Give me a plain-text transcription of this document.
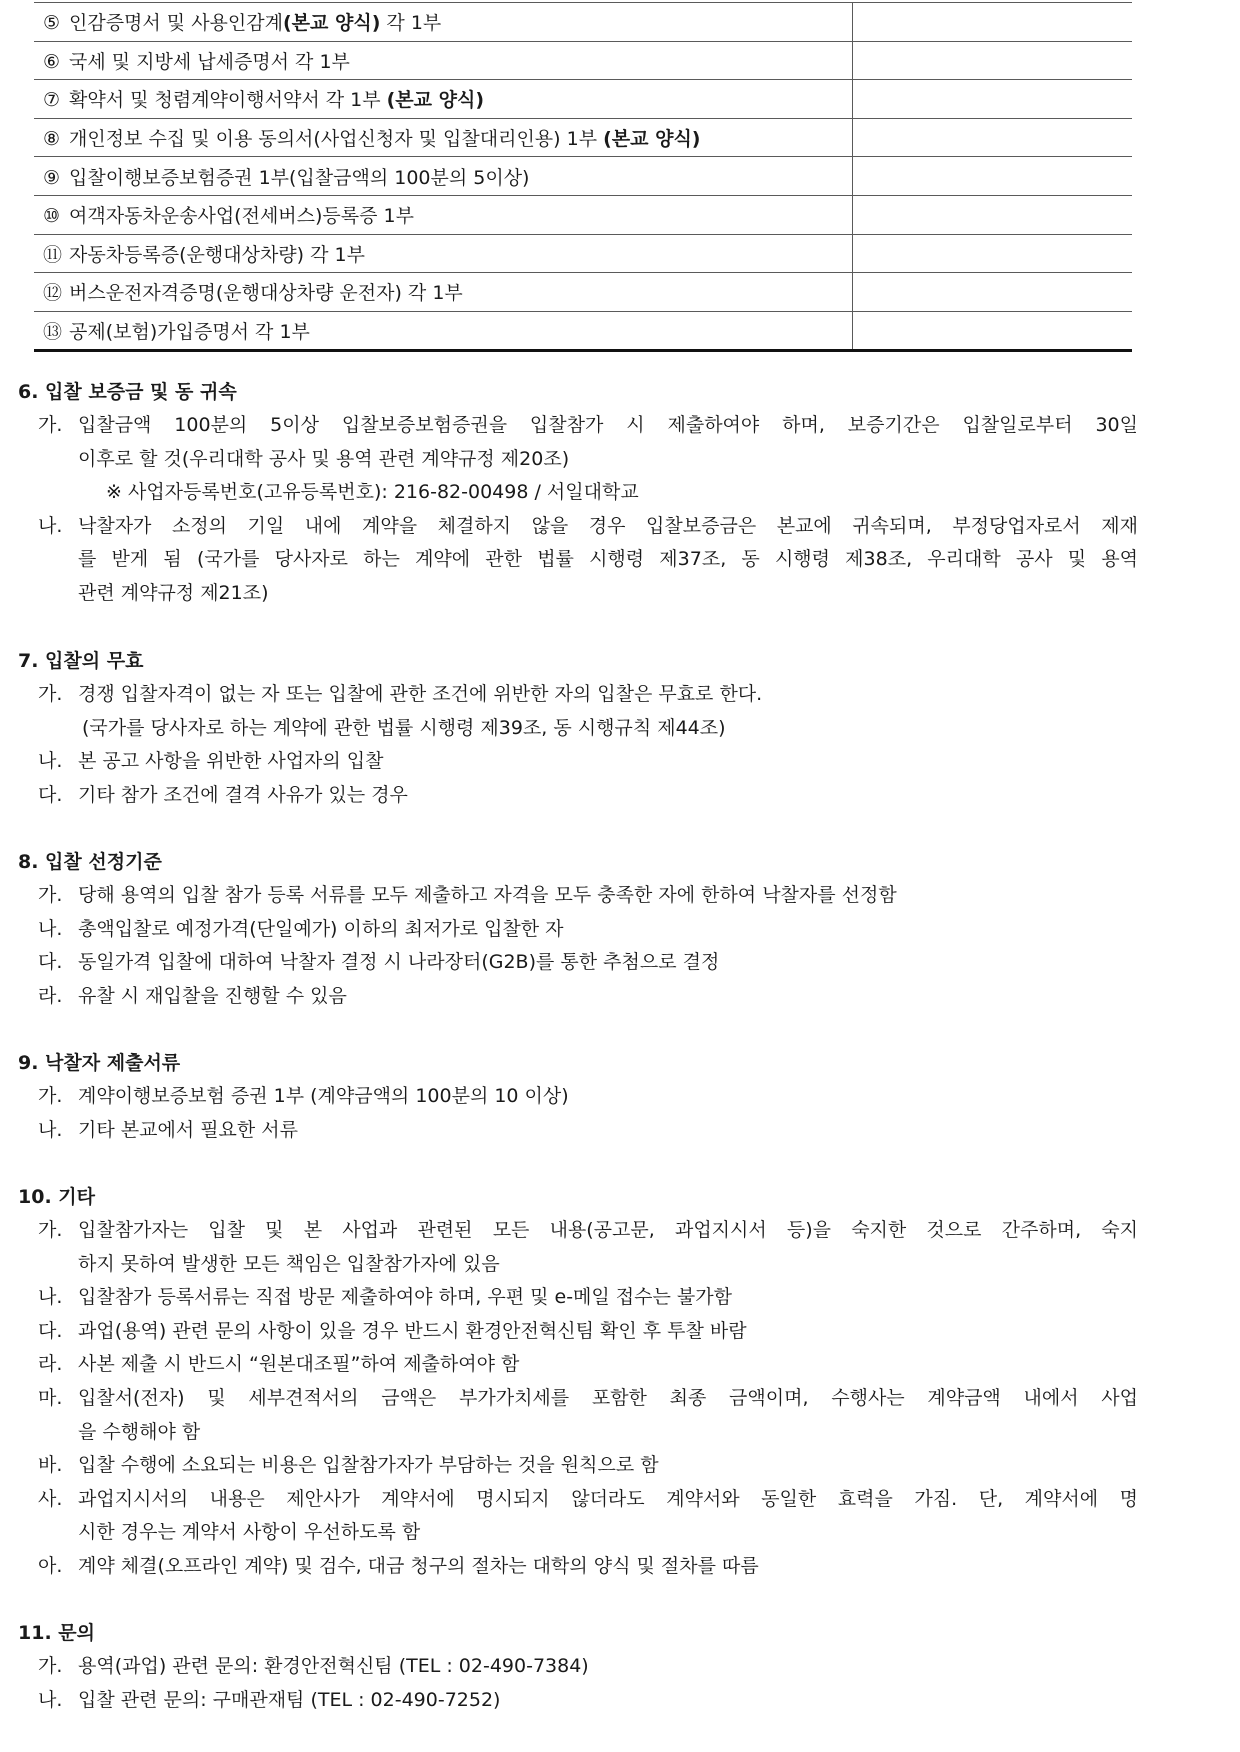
⑤ 인감증명서 및 사용인감계(본교 양식) 각 1부	
⑥ 국세 및 지방세 납세증명서 각 1부	
⑦ 확약서 및 청렴계약이행서약서 각 1부 (본교 양식)	
⑧ 개인정보 수집 및 이용 동의서(사업신청자 및 입찰대리인용) 1부 (본교 양식)	
⑨ 입찰이행보증보험증권 1부(입찰금액의 100분의 5이상)	
⑩ 여객자동차운송사업(전세버스)등록증 1부	
⑪ 자동차등록증(운행대상차량) 각 1부	
⑫ 버스운전자격증명(운행대상차량 운전자) 각 1부	
⑬ 공제(보험)가입증명서 각 1부	
6. 입찰 보증금 및 동 귀속
가. 입찰금액 100분의 5이상 입찰보증보험증권을 입찰참가 시 제출하여야 하며, 보증기간은 입찰일로부터 30일
이후로 할 것(우리대학 공사 및 용역 관련 계약규정 제20조)
※ 사업자등록번호(고유등록번호): 216-82-00498 / 서일대학교
나. 낙찰자가 소정의 기일 내에 계약을 체결하지 않을 경우 입찰보증금은 본교에 귀속되며, 부정당업자로서 제재
를 받게 됨 (국가를 당사자로 하는 계약에 관한 법률 시행령 제37조, 동 시행령 제38조, 우리대학 공사 및 용역
관련 계약규정 제21조)
7. 입찰의 무효
가. 경쟁 입찰자격이 없는 자 또는 입찰에 관한 조건에 위반한 자의 입찰은 무효로 한다.
(국가를 당사자로 하는 계약에 관한 법률 시행령 제39조, 동 시행규칙 제44조)
나. 본 공고 사항을 위반한 사업자의 입찰
다. 기타 참가 조건에 결격 사유가 있는 경우
8. 입찰 선정기준
가. 당해 용역의 입찰 참가 등록 서류를 모두 제출하고 자격을 모두 충족한 자에 한하여 낙찰자를 선정함
나. 총액입찰로 예정가격(단일예가) 이하의 최저가로 입찰한 자
다. 동일가격 입찰에 대하여 낙찰자 결정 시 나라장터(G2B)를 통한 추첨으로 결정
라. 유찰 시 재입찰을 진행할 수 있음
9. 낙찰자 제출서류
가. 계약이행보증보험 증권 1부 (계약금액의 100분의 10 이상)
나. 기타 본교에서 필요한 서류
10. 기타
가. 입찰참가자는 입찰 및 본 사업과 관련된 모든 내용(공고문, 과업지시서 등)을 숙지한 것으로 간주하며, 숙지
하지 못하여 발생한 모든 책임은 입찰참가자에 있음
나. 입찰참가 등록서류는 직접 방문 제출하여야 하며, 우편 및 e-메일 접수는 불가함
다. 과업(용역) 관련 문의 사항이 있을 경우 반드시 환경안전혁신팀 확인 후 투찰 바람
라. 사본 제출 시 반드시 “원본대조필”하여 제출하여야 함
마. 입찰서(전자) 및 세부견적서의 금액은 부가가치세를 포함한 최종 금액이며, 수행사는 계약금액 내에서 사업
을 수행해야 함
바. 입찰 수행에 소요되는 비용은 입찰참가자가 부담하는 것을 원칙으로 함
사. 과업지시서의 내용은 제안사가 계약서에 명시되지 않더라도 계약서와 동일한 효력을 가짐. 단, 계약서에 명
시한 경우는 계약서 사항이 우선하도록 함
아. 계약 체결(오프라인 계약) 및 검수, 대금 청구의 절차는 대학의 양식 및 절차를 따름
11. 문의
가. 용역(과업) 관련 문의: 환경안전혁신팀 (TEL : 02-490-7384)
나. 입찰 관련 문의: 구매관재팀 (TEL : 02-490-7252)
